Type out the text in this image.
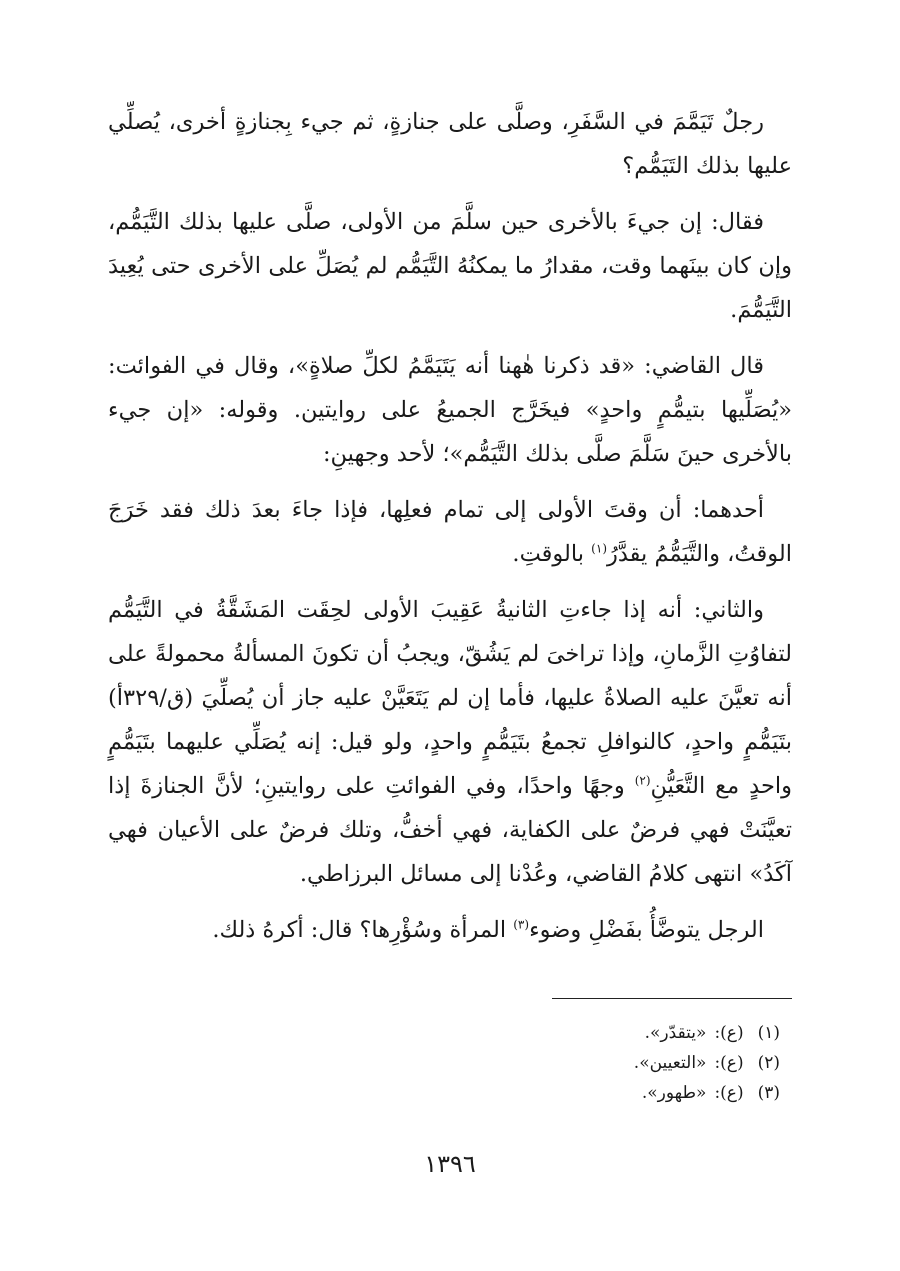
رجلٌ تَيَمَّمَ في السَّفَرِ، وصلَّى على جنازةٍ، ثم جيء بِجنازةٍ أخرى، يُصلِّي عليها بذلك التَيَمُّم؟

فقال: إن جيءَ بالأخرى حين سلَّمَ من الأولى، صلَّى عليها بذلك التَّيَمُّم، وإن كان بينَهما وقت، مقدارُ ما يمكنُهُ التَّيَمُّم لم يُصَلِّ على الأخرى حتى يُعِيدَ التَّيَمُّمَ.

قال القاضي: «قد ذكرنا هٰهنا أنه يَتَيَمَّمُ لكلِّ صلاةٍ»، وقال في الفوائت: «يُصَلِّيها بتيمُّمٍ واحدٍ» فيخَرَّج الجميعُ على روايتين. وقوله: «إن جيء بالأخرى حينَ سَلَّمَ صلَّى بذلك التَّيَمُّم»؛ لأحد وجهينِ:

أحدهما: أن وقتَ الأولى إلى تمام فعلِها، فإذا جاءَ بعدَ ذلك فقد خَرَجَ الوقتُ، والتَّيَمُّمُ يقدَّرُ$^{(١)}$ بالوقتِ.

والثاني: أنه إذا جاءتِ الثانيةُ عَقِيبَ الأولى لحِقَت المَشَقَّةُ في التَّيَمُّم لتفاوُتِ الزَّمانِ، وإذا تراخىَ لم يَشُقّ، ويجبُ أن تكونَ المسألةُ محمولةً على أنه تعيَّنَ عليه الصلاةُ عليها، فأما إن لم يَتَعَيَّنْ عليه جاز أن يُصلِّيَ (ق/٣٢٩أ) بتَيَمُّمٍ واحدٍ، كالنوافلِ تجمعُ بتَيَمُّمٍ واحدٍ، ولو قيل: إنه يُصَلِّي عليهما بتَيَمُّمٍ واحدٍ مع التَّعَيُّنِ$^{(٢)}$ وجهًا واحدًا، وفي الفوائتِ على روايتينِ؛ لأنَّ الجنازةَ إذا تعيَّنَتْ فهي فرضٌ على الكفاية، فهي أخفُّ، وتلك فرضٌ على الأعيان فهي آكَدُ» انتهى كلامُ القاضي، وعُدْنا إلى مسائل البرزاطي.

الرجل يتوضَّأُ بفَضْلِ وضوء$^{(٣)}$ المرأة وسُؤْرِها؟ قال: أكرهُ ذلك.

(١)(ع):«يتقدّر».
(٢)(ع):«التعيين».
(٣)(ع):«طهور».
١٣٩٦
